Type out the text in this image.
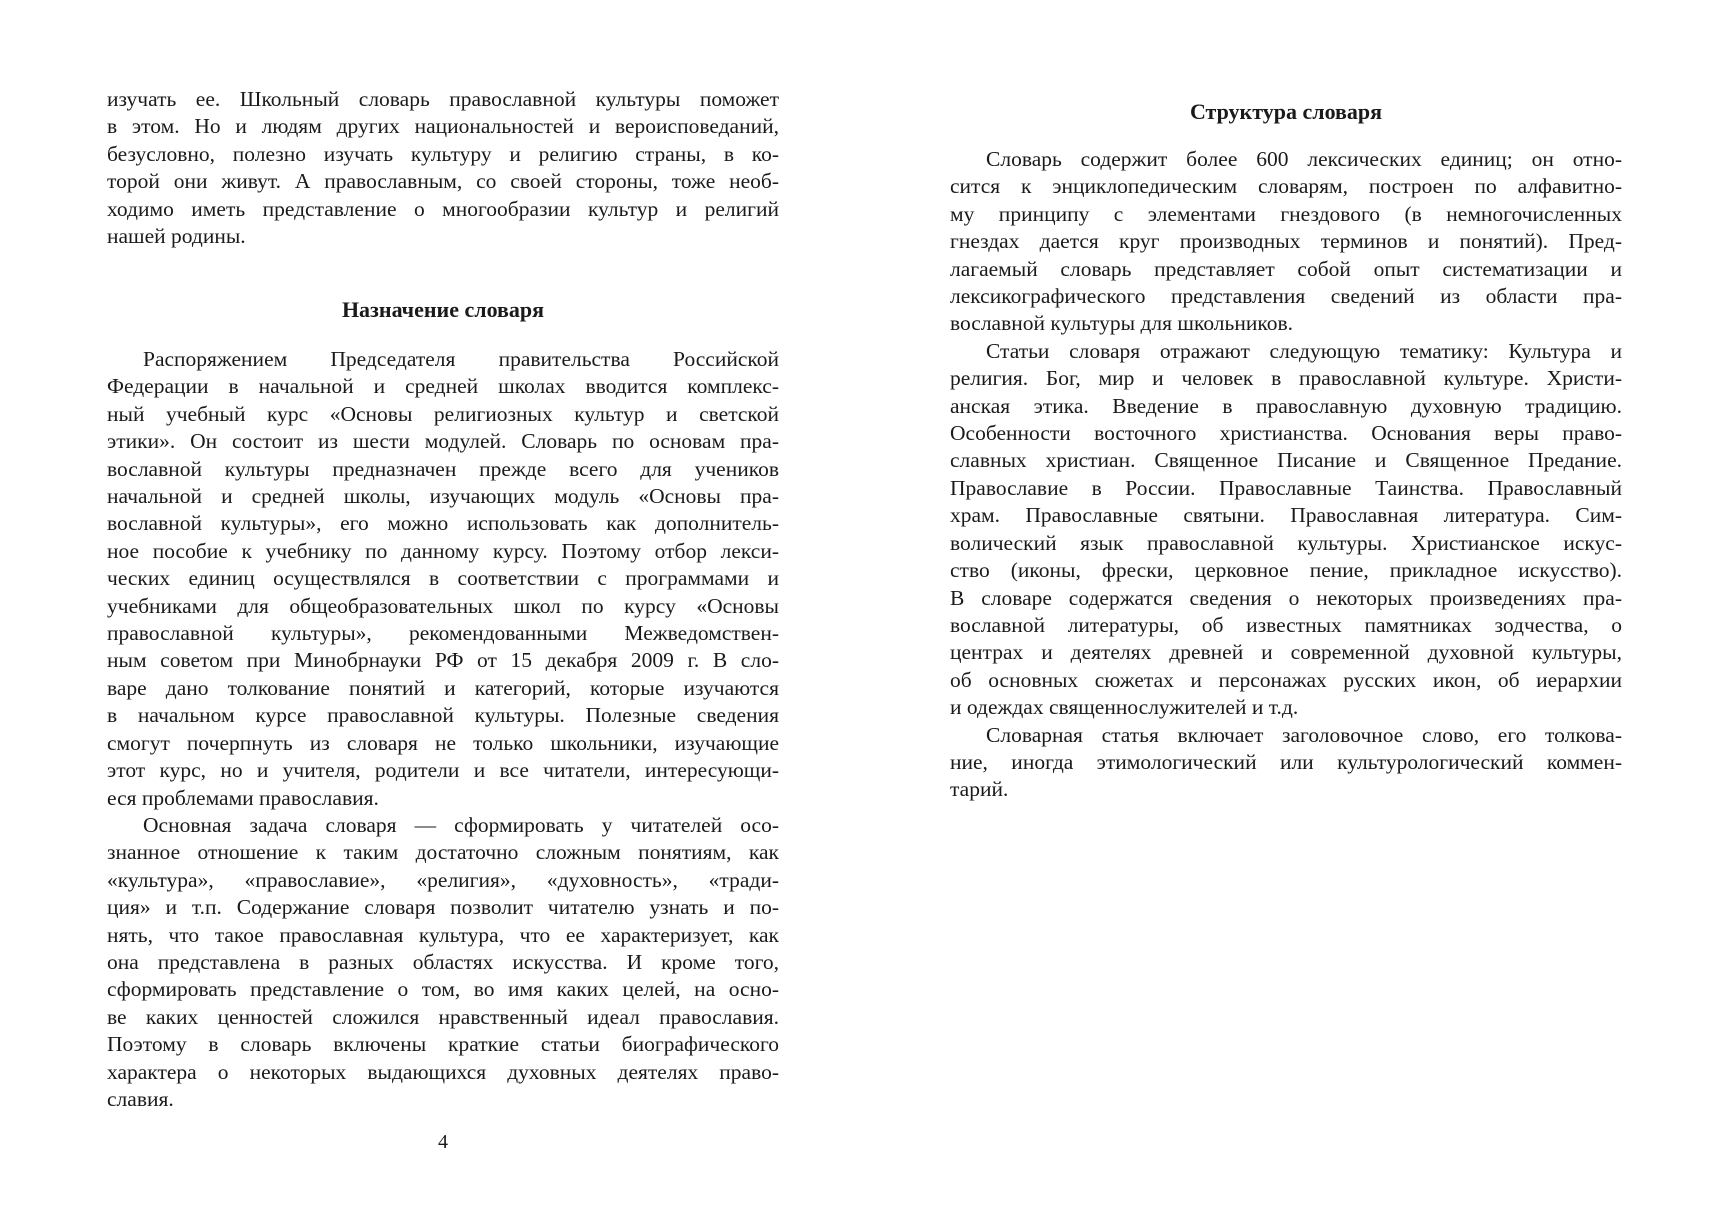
изучать ее. Школьный словарь православной культуры поможет
в этом. Но и людям других национальностей и вероисповеданий,
безусловно, полезно изучать культуру и религию страны, в ко-
торой они живут. А православным, со своей стороны, тоже необ-
ходимо иметь представление о многообразии культур и религий
нашей родины.
Назначение словаря
Распоряжением Председателя правительства Российской
Федерации в начальной и средней школах вводится комплекс-
ный учебный курс «Основы религиозных культур и светской
этики». Он состоит из шести модулей. Словарь по основам пра-
вославной культуры предназначен прежде всего для учеников
начальной и средней школы, изучающих модуль «Основы пра-
вославной культуры», его можно использовать как дополнитель-
ное пособие к учебнику по данному курсу. Поэтому отбор лекси-
ческих единиц осуществлялся в соответствии с программами и
учебниками для общеобразовательных школ по курсу «Основы
православной культуры», рекомендованными Межведомствен-
ным советом при Минобрнауки РФ от 15 декабря 2009 г. В сло-
варе дано толкование понятий и категорий, которые изучаются
в начальном курсе православной культуры. Полезные сведения
смогут почерпнуть из словаря не только школьники, изучающие
этот курс, но и учителя, родители и все читатели, интересующи-
еся проблемами православия.
Основная задача словаря — сформировать у читателей осо-
знанное отношение к таким достаточно сложным понятиям, как
«культура», «православие», «религия», «духовность», «тради-
ция» и т.п. Содержание словаря позволит читателю узнать и по-
нять, что такое православная культура, что ее характеризует, как
она представлена в разных областях искусства. И кроме того,
сформировать представление о том, во имя каких целей, на осно-
ве каких ценностей сложился нравственный идеал православия.
Поэтому в словарь включены краткие статьи биографического
характера о некоторых выдающихся духовных деятелях право-
славия.
4
Структура словаря
Словарь содержит более 600 лексических единиц; он отно-
сится к энциклопедическим словарям, построен по алфавитно-
му принципу с элементами гнездового (в немногочисленных
гнездах дается круг производных терминов и понятий). Пред-
лагаемый словарь представляет собой опыт систематизации и
лексикографического представления сведений из области пра-
вославной культуры для школьников.
Статьи словаря отражают следующую тематику: Культура и
религия. Бог, мир и человек в православной культуре. Христи-
анская этика. Введение в православную духовную традицию.
Особенности восточного христианства. Основания веры право-
славных христиан. Священное Писание и Священное Предание.
Православие в России. Православные Таинства. Православный
храм. Православные святыни. Православная литература. Сим-
волический язык православной культуры. Христианское искус-
ство (иконы, фрески, церковное пение, прикладное искусство).
В словаре содержатся сведения о некоторых произведениях пра-
вославной литературы, об известных памятниках зодчества, о
центрах и деятелях древней и современной духовной культуры,
об основных сюжетах и персонажах русских икон, об иерархии
и одеждах священнослужителей и т.д.
Словарная статья включает заголовочное слово, его толкова-
ние, иногда этимологический или культурологический коммен-
тарий.
